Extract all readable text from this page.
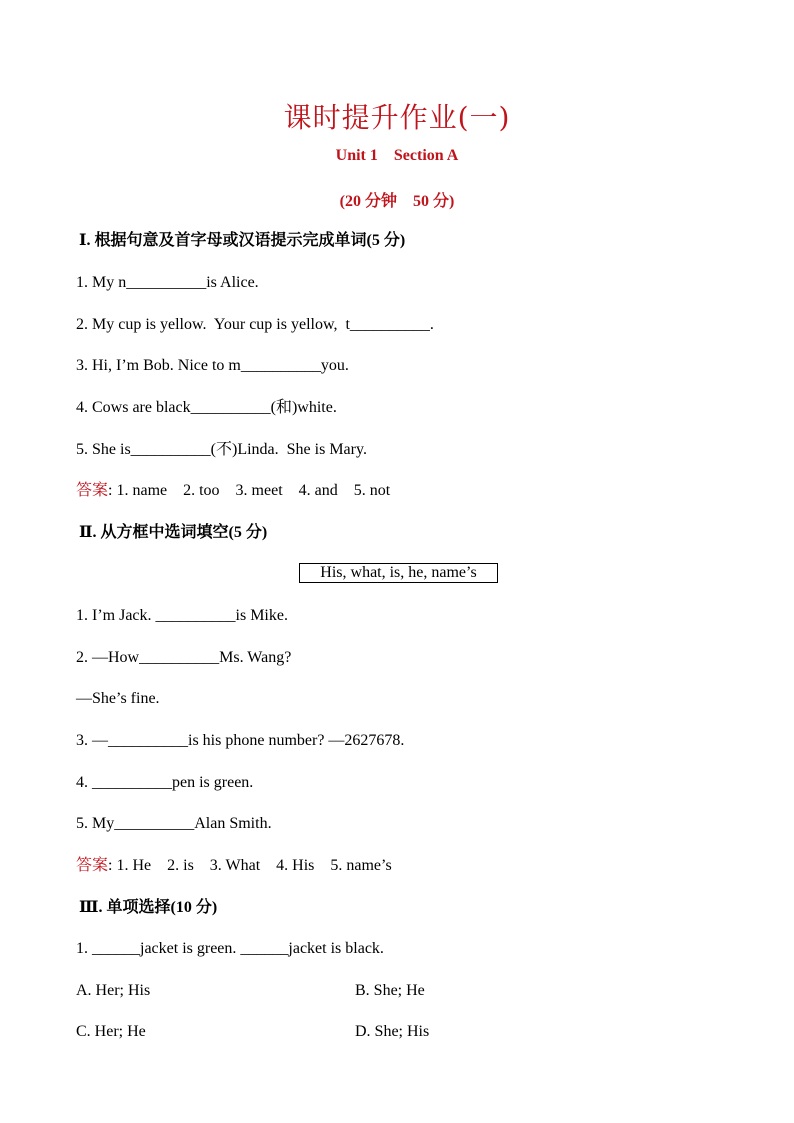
课时提升作业(一)
Unit 1    Section A
(20 分钟    50 分)
Ⅰ. 根据句意及首字母或汉语提示完成单词(5 分)
1. My n__________is Alice.
2. My cup is yellow.  Your cup is yellow,  t__________.
3. Hi, I’m Bob. Nice to m__________you.
4. Cows are black__________(和)white.
5. She is__________(不)Linda.  She is Mary.
答案: 1. name    2. too    3. meet    4. and    5. not
Ⅱ. 从方框中选词填空(5 分)
His, what, is, he, name’s
1. I’m Jack. __________is Mike.
2. —How__________Ms. Wang?
—She’s fine.
3. —__________is his phone number? —2627678.
4. __________pen is green.
5. My__________Alan Smith.
答案: 1. He    2. is    3. What    4. His    5. name’s
Ⅲ. 单项选择(10 分)
1. ______jacket is green. ______jacket is black.
A. Her; His	B. She; He
C. Her; He	D. She; His
